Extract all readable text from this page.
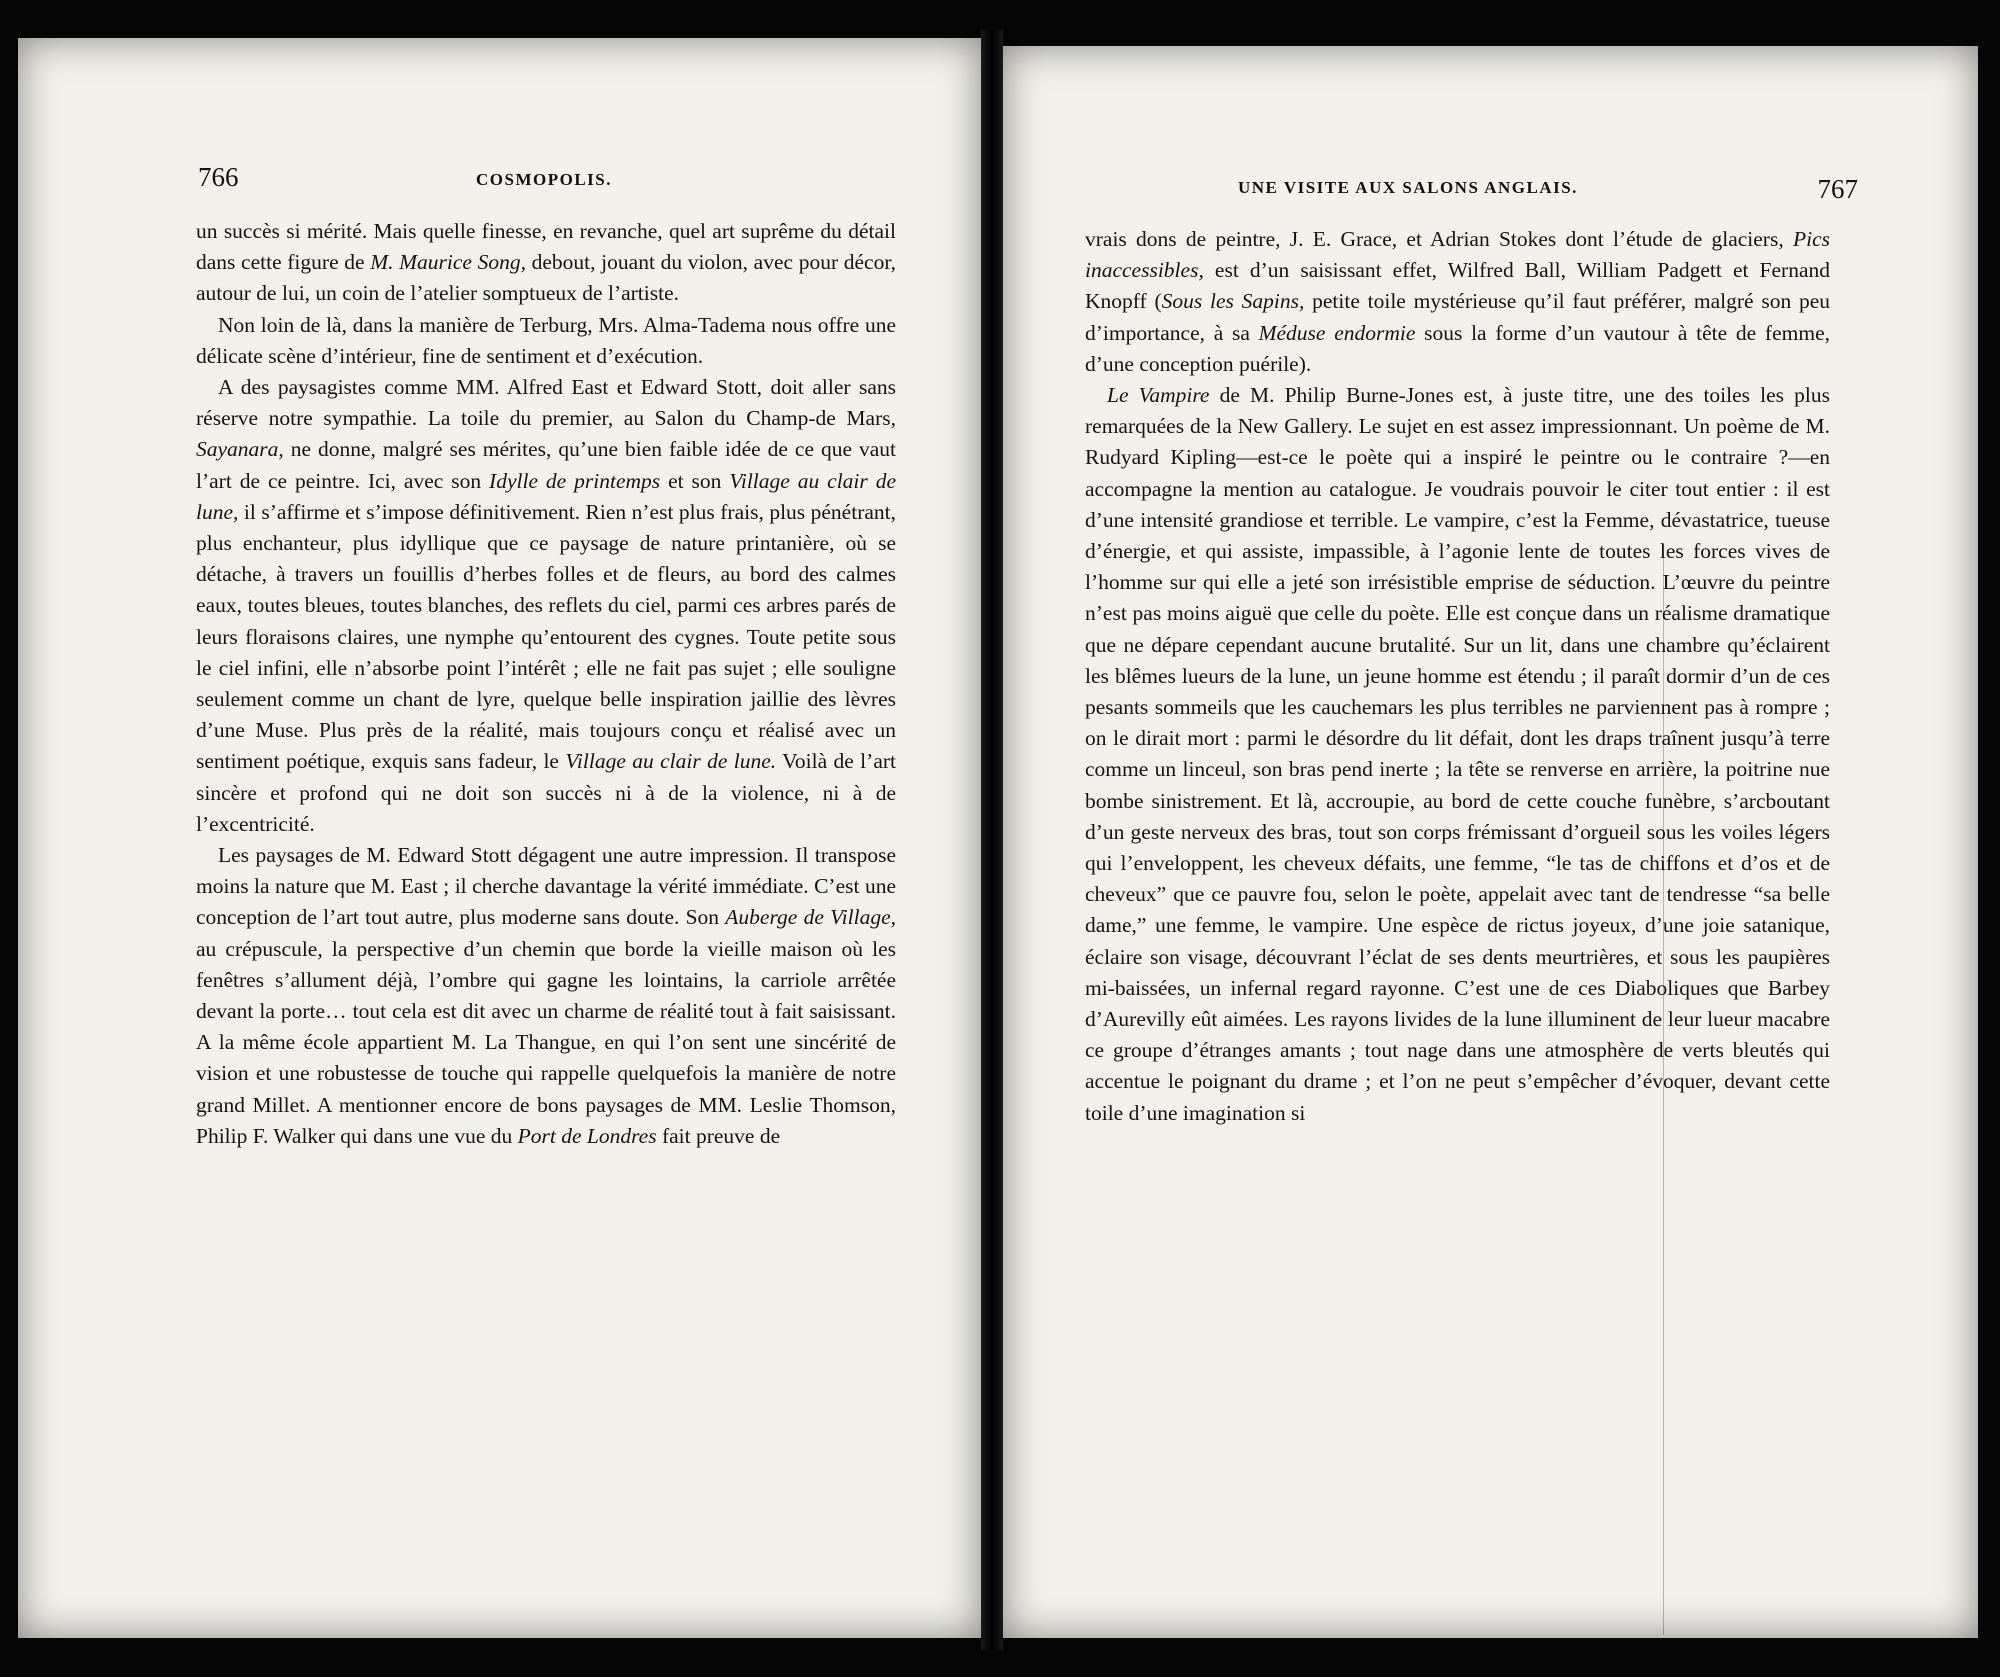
766	COSMOPOLIS.

un succès si mérité. Mais quelle finesse, en revanche, quel art suprême du détail dans cette figure de M. Maurice Song, debout, jouant du violon, avec pour décor, autour de lui, un coin de l’atelier somptueux de l’artiste.

Non loin de là, dans la manière de Terburg, Mrs. Alma-Tadema nous offre une délicate scène d’intérieur, fine de sentiment et d’exécution.

A des paysagistes comme MM. Alfred East et Edward Stott, doit aller sans réserve notre sympathie. La toile du premier, au Salon du Champ-de Mars, Sayanara, ne donne, malgré ses mérites, qu’une bien faible idée de ce que vaut l’art de ce peintre. Ici, avec son Idylle de printemps et son Village au clair de lune, il s’affirme et s’impose définitivement. Rien n’est plus frais, plus pénétrant, plus enchanteur, plus idyllique que ce paysage de nature printanière, où se détache, à travers un fouillis d’herbes folles et de fleurs, au bord des calmes eaux, toutes bleues, toutes blanches, des reflets du ciel, parmi ces arbres parés de leurs floraisons claires, une nymphe qu’entourent des cygnes. Toute petite sous le ciel infini, elle n’absorbe point l’intérêt ; elle ne fait pas sujet ; elle souligne seulement comme un chant de lyre, quelque belle inspiration jaillie des lèvres d’une Muse. Plus près de la réalité, mais toujours conçu et réalisé avec un sentiment poétique, exquis sans fadeur, le Village au clair de lune. Voilà de l’art sincère et profond qui ne doit son succès ni à de la violence, ni à de l’excentricité.

Les paysages de M. Edward Stott dégagent une autre impression. Il transpose moins la nature que M. East ; il cherche davantage la vérité immédiate. C’est une conception de l’art tout autre, plus moderne sans doute. Son Auberge de Village, au crépuscule, la perspective d’un chemin que borde la vieille maison où les fenêtres s’allument déjà, l’ombre qui gagne les lointains, la carriole arrêtée devant la porte… tout cela est dit avec un charme de réalité tout à fait saisissant. A la même école appartient M. La Thangue, en qui l’on sent une sincérité de vision et une robustesse de touche qui rappelle quelquefois la manière de notre grand Millet. A mentionner encore de bons paysages de MM. Leslie Thomson, Philip F. Walker qui dans une vue du Port de Londres fait preuve de

UNE VISITE AUX SALONS ANGLAIS.	767

vrais dons de peintre, J. E. Grace, et Adrian Stokes dont l’étude de glaciers, Pics inaccessibles, est d’un saisissant effet, Wilfred Ball, William Padgett et Fernand Knopff (Sous les Sapins, petite toile mystérieuse qu’il faut préférer, malgré son peu d’importance, à sa Méduse endormie sous la forme d’un vautour à tête de femme, d’une conception puérile).

Le Vampire de M. Philip Burne-Jones est, à juste titre, une des toiles les plus remarquées de la New Gallery. Le sujet en est assez impressionnant. Un poème de M. Rudyard Kipling—est-ce le poète qui a inspiré le peintre ou le contraire ?—en accompagne la mention au catalogue. Je voudrais pouvoir le citer tout entier : il est d’une intensité grandiose et terrible. Le vampire, c’est la Femme, dévastatrice, tueuse d’énergie, et qui assiste, impassible, à l’agonie lente de toutes les forces vives de l’homme sur qui elle a jeté son irrésistible emprise de séduction. L’œuvre du peintre n’est pas moins aiguë que celle du poète. Elle est conçue dans un réalisme dramatique que ne dépare cependant aucune brutalité. Sur un lit, dans une chambre qu’éclairent les blêmes lueurs de la lune, un jeune homme est étendu ; il paraît dormir d’un de ces pesants sommeils que les cauchemars les plus terribles ne parviennent pas à rompre ; on le dirait mort : parmi le désordre du lit défait, dont les draps traînent jusqu’à terre comme un linceul, son bras pend inerte ; la tête se renverse en arrière, la poitrine nue bombe sinistrement. Et là, accroupie, au bord de cette couche funèbre, s’arcboutant d’un geste nerveux des bras, tout son corps frémissant d’orgueil sous les voiles légers qui l’enveloppent, les cheveux défaits, une femme, “le tas de chiffons et d’os et de cheveux” que ce pauvre fou, selon le poète, appelait avec tant de tendresse “sa belle dame,” une femme, le vampire. Une espèce de rictus joyeux, d’une joie satanique, éclaire son visage, découvrant l’éclat de ses dents meurtrières, et sous les paupières mi-baissées, un infernal regard rayonne. C’est une de ces Diaboliques que Barbey d’Aurevilly eût aimées. Les rayons livides de la lune illuminent de leur lueur macabre ce groupe d’étranges amants ; tout nage dans une atmosphère de verts bleutés qui accentue le poignant du drame ; et l’on ne peut s’empêcher d’évoquer, devant cette toile d’une imagination si
